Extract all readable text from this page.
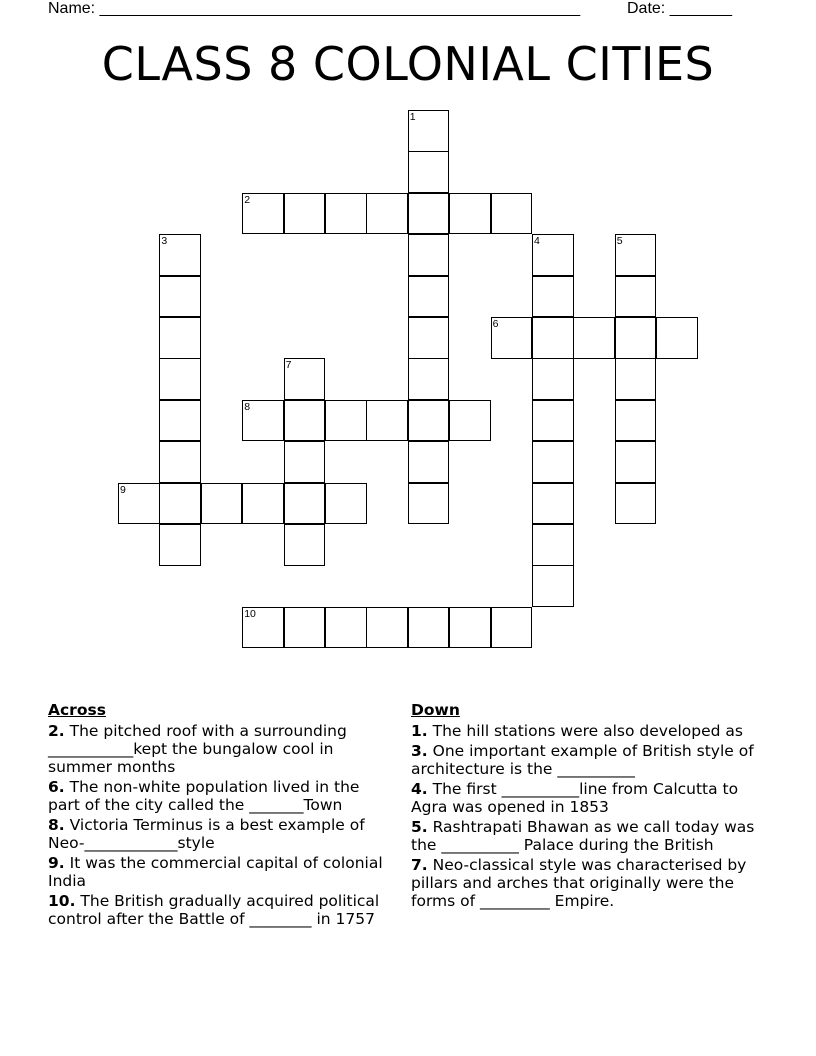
Name: ______________________________________________________	Date: _______
CLASS 8 COLONIAL CITIES
1
2
3	4	5
6
7
8
9
10
Across
2. The pitched roof with a surrounding ___________kept the bungalow cool in summer months
6. The non-white population lived in the part of the city called the _______Town
8. Victoria Terminus is a best example of Neo-____________style
9. It was the commercial capital of colonial India
10. The British gradually acquired political control after the Battle of ________ in 1757
Down
1. The hill stations were also developed as
3. One important example of British style of architecture is the __________
4. The first __________line from Calcutta to Agra was opened in 1853
5. Rashtrapati Bhawan as we call today was the __________ Palace during the British
7. Neo-classical style was characterised by pillars and arches that originally were the forms of _________ Empire.
